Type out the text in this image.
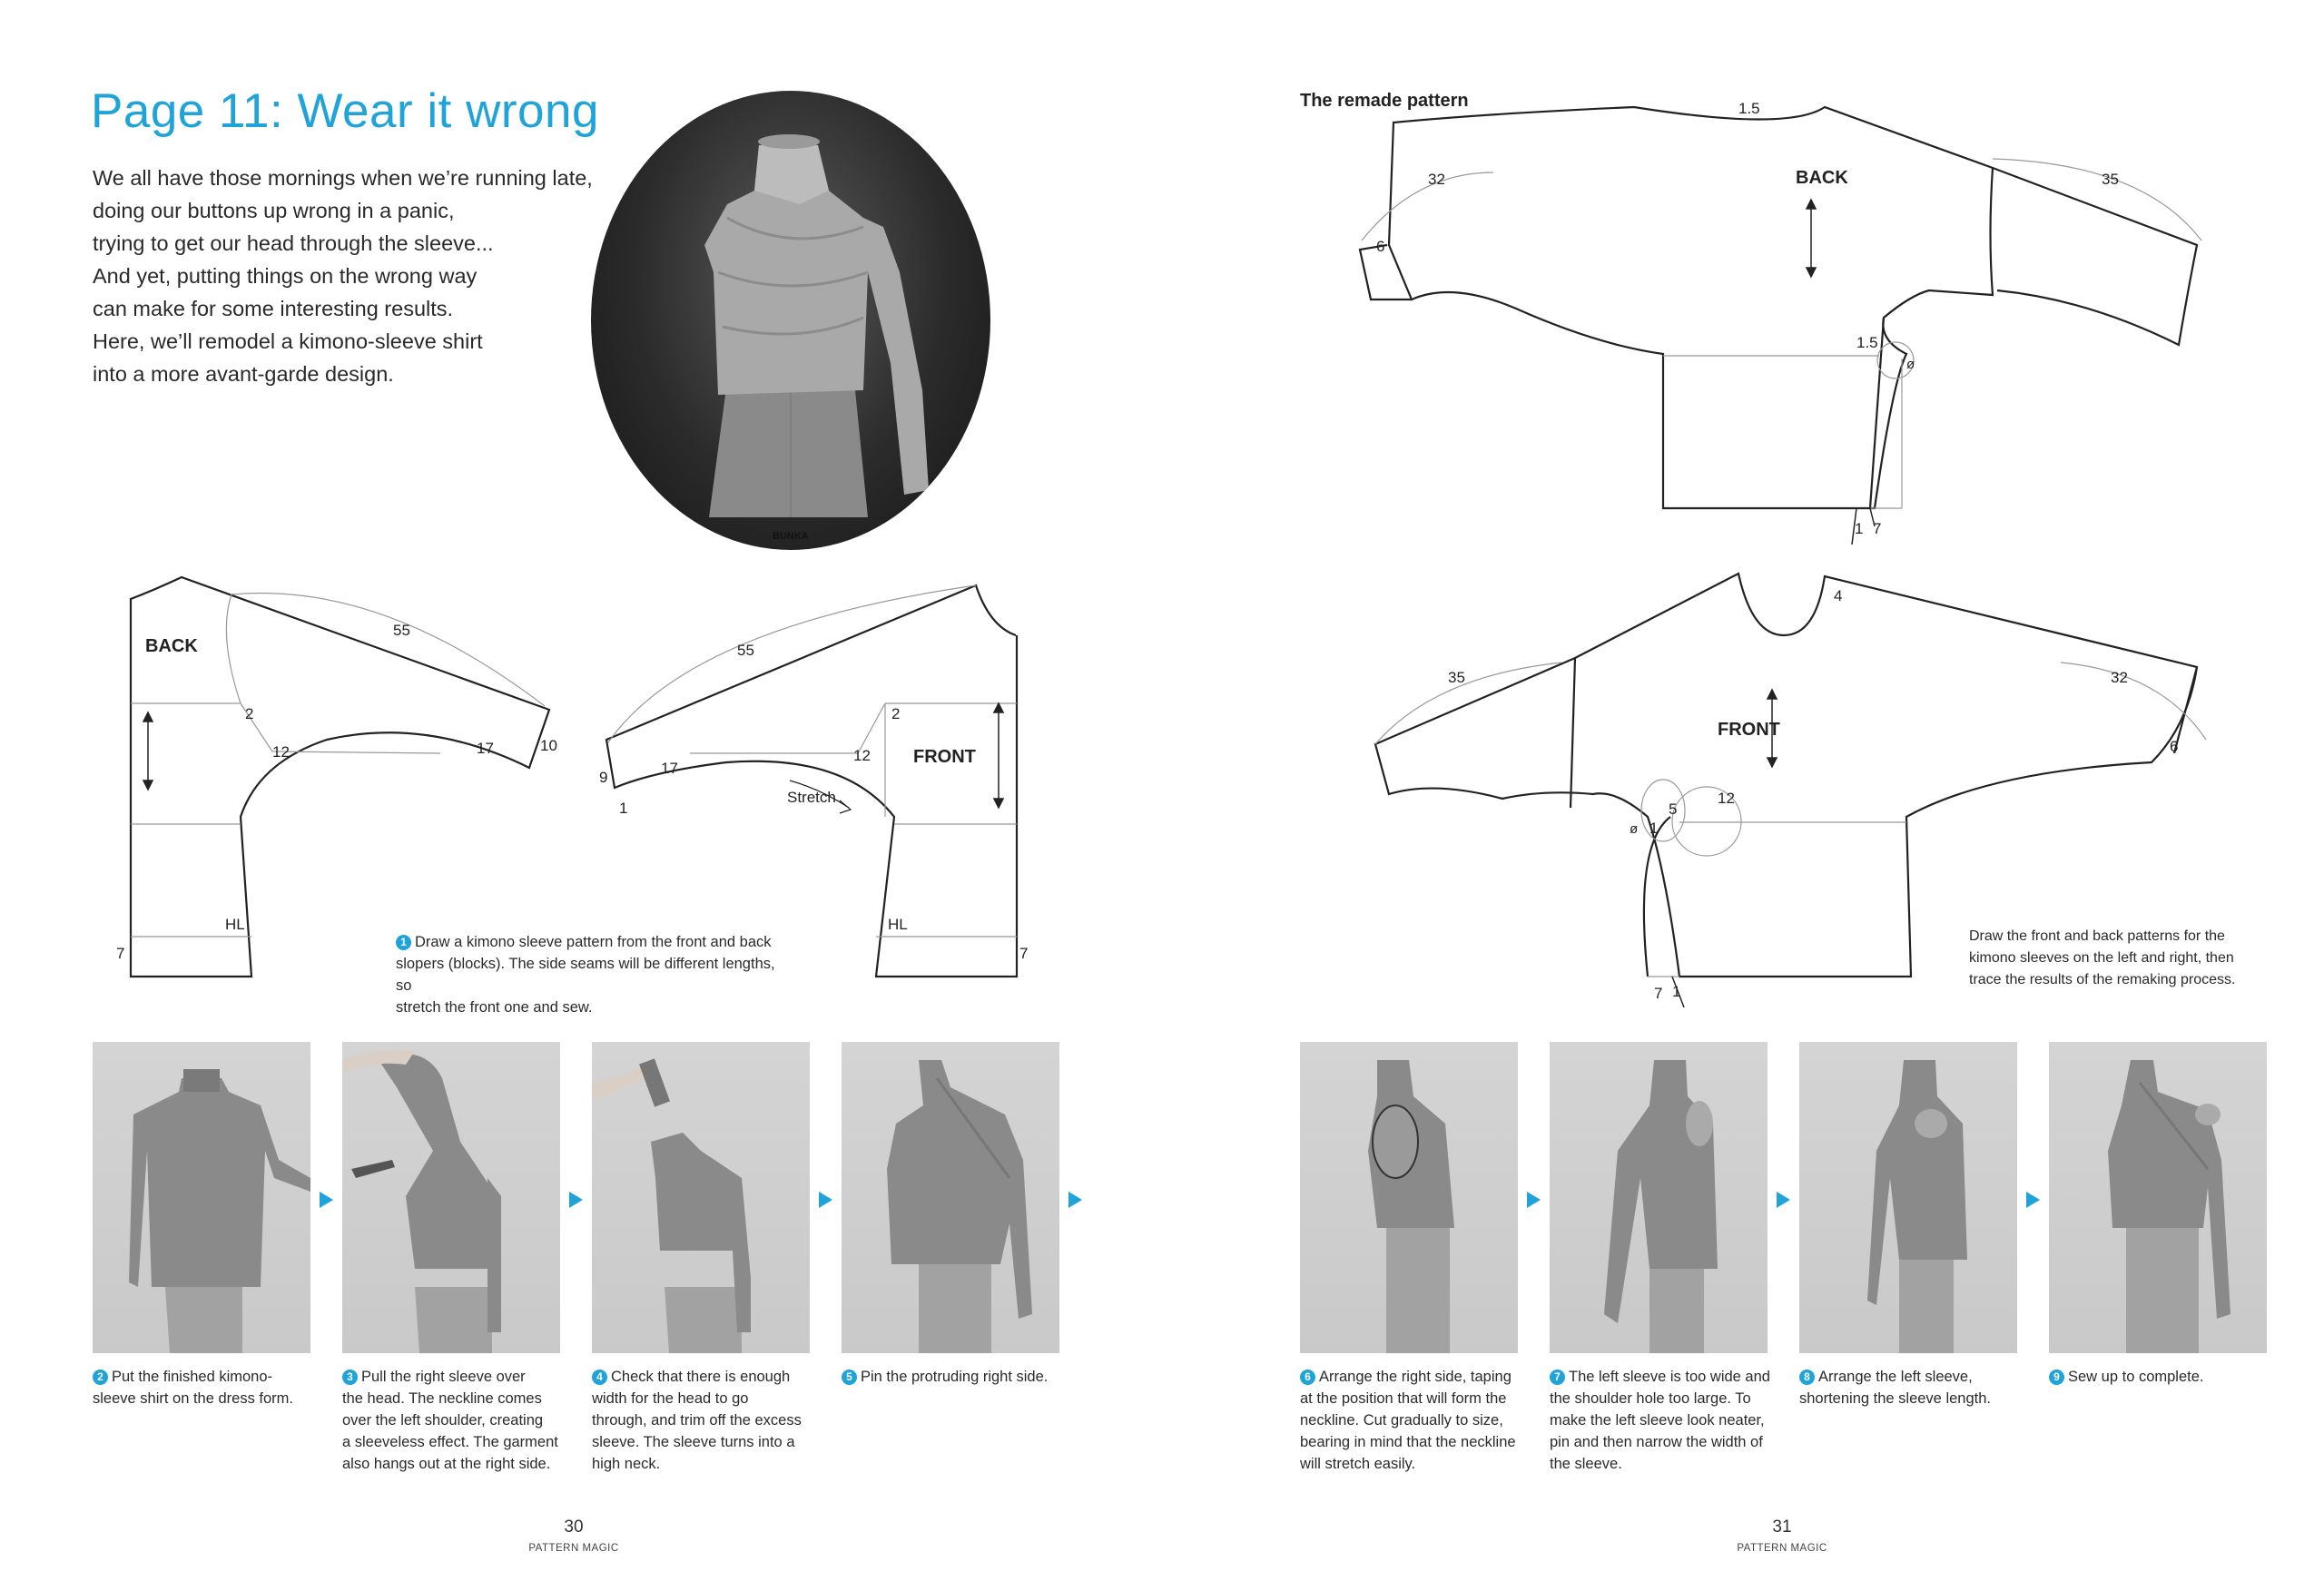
Page 11: Wear it wrong
We all have those mornings when we’re running late,
doing our buttons up wrong in a panic,
trying to get our head through the sleeve...
And yet, putting things on the wrong way
can make for some interesting results.
Here, we’ll remodel a kimono-sleeve shirt
into a more avant-garde design.
BUNKA
BACK
FRONT
55
55
17
17
10
9
12	12
2	2
1
7	7
HL	HL
Stretch
1 Draw a kimono sleeve pattern from the front and back
slopers (blocks). The side seams will be different lengths, so
stretch the front one and sew.
2 Put the finished kimono-
sleeve shirt on the dress form.
3 Pull the right sleeve over
the head. The neckline comes
over the left shoulder, creating
a sleeveless effect. The garment
also hangs out at the right side.
4 Check that there is enough
width for the head to go
through, and trim off the excess
sleeve. The sleeve turns into a
high neck.
5 Pin the protruding right side.
30
PATTERN MAGIC
The remade pattern
BACK
1.5
32	35
6
1.5
1 7
ø
FRONT
4
35	32
6
12
5
1
ø
7 1
Draw the front and back patterns for the
kimono sleeves on the left and right, then
trace the results of the remaking process.
6 Arrange the right side, taping
at the position that will form the
neckline. Cut gradually to size,
bearing in mind that the neckline
will stretch easily.
7 The left sleeve is too wide and
the shoulder hole too large. To
make the left sleeve look neater,
pin and then narrow the width of
the sleeve.
8 Arrange the left sleeve,
shortening the sleeve length.
9 Sew up to complete.
31
PATTERN MAGIC
